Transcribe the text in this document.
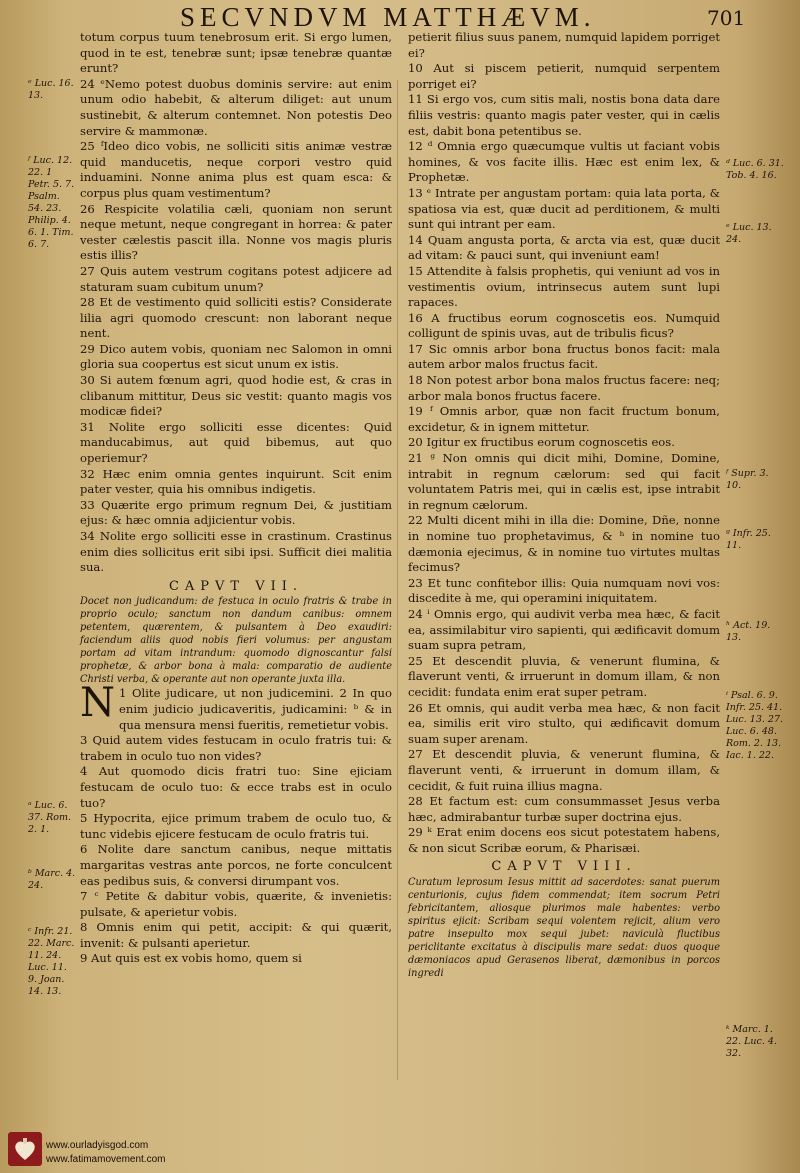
SECVNDVM MATTHÆVM.	701
ᵉ Luc. 16. 13.
ᶠ Luc. 12. 22. 1 Petr. 5. 7. Psalm. 54. 23. Philip. 4. 6. 1. Tim. 6. 7.
ᵃ Luc. 6. 37. Rom. 2. 1.
ᵇ Marc. 4. 24.
ᶜ Infr. 21. 22. Marc. 11. 24. Luc. 11. 9. Joan. 14. 13.
ᵈ Luc. 6. 31. Tob. 4. 16.
ᵉ Luc. 13. 24.
ᶠ Supr. 3. 10.
ᵍ Infr. 25. 11.
ʰ Act. 19. 13.
ⁱ Psal. 6. 9. Infr. 25. 41. Luc. 13. 27. Luc. 6. 48. Rom. 2. 13. Iac. 1. 22.
ᵏ Marc. 1. 22. Luc. 4. 32.

totum corpus tuum tenebrosum erit. Si ergo lumen, quod in te est, tenebræ sunt; ipsæ tenebræ quantæ erunt?

24 ᵉNemo potest duobus dominis servire: aut enim unum odio habebit, & alterum diliget: aut unum sustinebit, & alterum contemnet. Non potestis Deo servire & mammonæ.

25 ᶠIdeo dico vobis, ne sollicitі sitis animæ vestræ quid manducetis, neque corpori vestro quid induamini. Nonne anima plus est quam esca: & corpus plus quam vestimentum?

26 Respicite volatilia cæli, quoniam non serunt neque metunt, neque congregant in horrea: & pater vester cælestis pascit illa. Nonne vos magis pluris estis illis?

27 Quis autem vestrum cogitans potest adjicere ad staturam suam cubitum unum?

28 Et de vestimento quid solliciti estis? Considerate lilia agri quomodo crescunt: non laborant neque nent.

29 Dico autem vobis, quoniam nec Salomon in omni gloria sua coopertus est sicut unum ex istis.

30 Si autem fœnum agri, quod hodie est, & cras in clibanum mittitur, Deus sic vestit: quanto magis vos modicæ fidei?

31 Nolite ergo solliciti esse dicentes: Quid manducabimus, aut quid bibemus, aut quo operiemur?

32 Hæc enim omnia gentes inquirunt. Scit enim pater vester, quia his omnibus indigetis.

33 Quærite ergo primum regnum Dei, & justitiam ejus: & hæc omnia adjicientur vobis.

34 Nolite ergo solliciti esse in crastinum. Crastinus enim dies sollicitus erit sibi ipsi. Sufficit diei malitia sua.

CAPVT VII.

Docet non judicandum: de festuca in oculo fratris & trabe in proprio oculo; sanctum non dandum canibus: omnem petentem, quærentem, & pulsantem à Deo exaudiri: faciendum aliis quod nobis fieri volumus: per angustam portam ad vitam intrandum: quomodo dignoscantur falsi prophetæ, & arbor bona à mala: comparatio de audiente Christi verba, & operante aut non operante juxta illa.

N 1 Olite judicare, ut non judicemini. 2 In quo enim judicio judicaveritis, judicamini: ᵇ & in qua mensura mensi fueritis, remetietur vobis.

3 Quid autem vides festucam in oculo fratris tui: & trabem in oculo tuo non vides?

4 Aut quomodo dicis fratri tuo: Sine ejiciam festucam de oculo tuo: & ecce trabs est in oculo tuo?

5 Hypocrita, ejice primum trabem de oculo tuo, & tunc videbis ejicere festucam de oculo fratris tui.

6 Nolite dare sanctum canibus, neque mittatis margaritas vestras ante porcos, ne forte conculcent eas pedibus suis, & conversi dirumpant vos.

7 ᶜ Petite & dabitur vobis, quærite, & invenietis: pulsate, & aperietur vobis.

8 Omnis enim qui petit, accipit: & qui quærit, invenit: & pulsanti aperietur.

9 Aut quis est ex vobis homo, quem si

petierit filius suus panem, numquid lapidem porriget ei?

10 Aut si piscem petierit, numquid serpentem porriget ei?

11 Si ergo vos, cum sitis mali, nostis bona data dare filiis vestris: quanto magis pater vester, qui in cælis est, dabit bona petentibus se.

12 ᵈ Omnia ergo quæcumque vultis ut faciant vobis homines, & vos facite illis. Hæc est enim lex, & Prophetæ.

13 ᵉ Intrate per angustam portam: quia lata porta, & spatiosa via est, quæ ducit ad perditionem, & multi sunt qui intrant per eam.

14 Quam angusta porta, & arcta via est, quæ ducit ad vitam: & pauci sunt, qui inveniunt eam!

15 Attendite à falsis prophetis, qui veniunt ad vos in vestimentis ovium, intrinsecus autem sunt lupi rapaces.

16 A fructibus eorum cognoscetis eos. Numquid colligunt de spinis uvas, aut de tribulis ficus?

17 Sic omnis arbor bona fructus bonos facit: mala autem arbor malos fructus facit.

18 Non potest arbor bona malos fructus facere: neq; arbor mala bonos fructus facere.

19 ᶠ Omnis arbor, quæ non facit fructum bonum, excidetur, & in ignem mittetur.

20 Igitur ex fructibus eorum cognoscetis eos.

21 ᵍ Non omnis qui dicit mihi, Domine, Domine, intrabit in regnum cælorum: sed qui facit voluntatem Patris mei, qui in cælis est, ipse intrabit in regnum cælorum.

22 Multi dicent mihi in illa die: Domine, Dñe, nonne in nomine tuo prophetavimus, & ʰ in nomine tuo dæmonia ejecimus, & in nomine tuo virtutes multas fecimus?

23 Et tunc confitebor illis: Quia numquam novi vos: discedite à me, qui operamini iniquitatem.

24 ⁱ Omnis ergo, qui audivit verba mea hæc, & facit ea, assimilabitur viro sapienti, qui ædificavit domum suam supra petram,

25 Et descendit pluvia, & venerunt flumina, & flaverunt venti, & irruerunt in domum illam, & non cecidit: fundata enim erat super petram.

26 Et omnis, qui audit verba mea hæc, & non facit ea, similis erit viro stulto, qui ædificavit domum suam super arenam.

27 Et descendit pluvia, & venerunt flumina, & flaverunt venti, & irruerunt in domum illam, & cecidit, & fuit ruina illius magna.

28 Et factum est: cum consummasset Jesus verba hæc, admirabantur turbæ super doctrina ejus.

29 ᵏ Erat enim docens eos sicut potestatem habens, & non sicut Scribæ eorum, & Pharisæi.

CAPVT VIII.

Curatum leprosum Iesus mittit ad sacerdotes: sanat puerum centurionis, cujus fidem commendat; item socrum Petri febricitantem, aliosque plurimos male habentes: verbo spiritus ejicit: Scribam sequi volentem rejicit, alium vero patre insepulto mox sequi jubet: naviculà fluctibus periclitante excitatus à discipulis mare sedat: duos quoque dæmoniacos apud Gerasenos liberat, dæmonibus in porcos ingredi

www.ourladyisgod.com
www.fatimamovement.com
